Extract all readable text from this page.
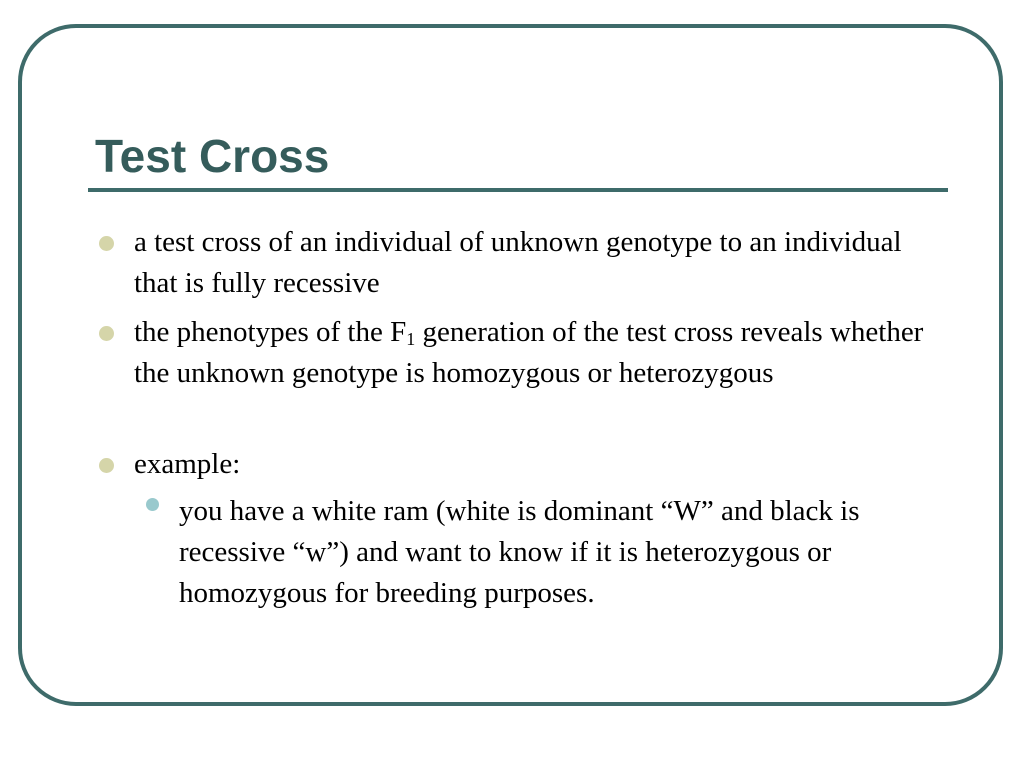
Test Cross
a test cross of an individual of unknown genotype to an individual that is fully recessive
the phenotypes of the $F_1$ generation of the test cross reveals whether the unknown genotype is homozygous or heterozygous
example:
you have a white ram (white is dominant “W” and black is recessive “w”) and want to know if it is heterozygous or homozygous for breeding purposes.
